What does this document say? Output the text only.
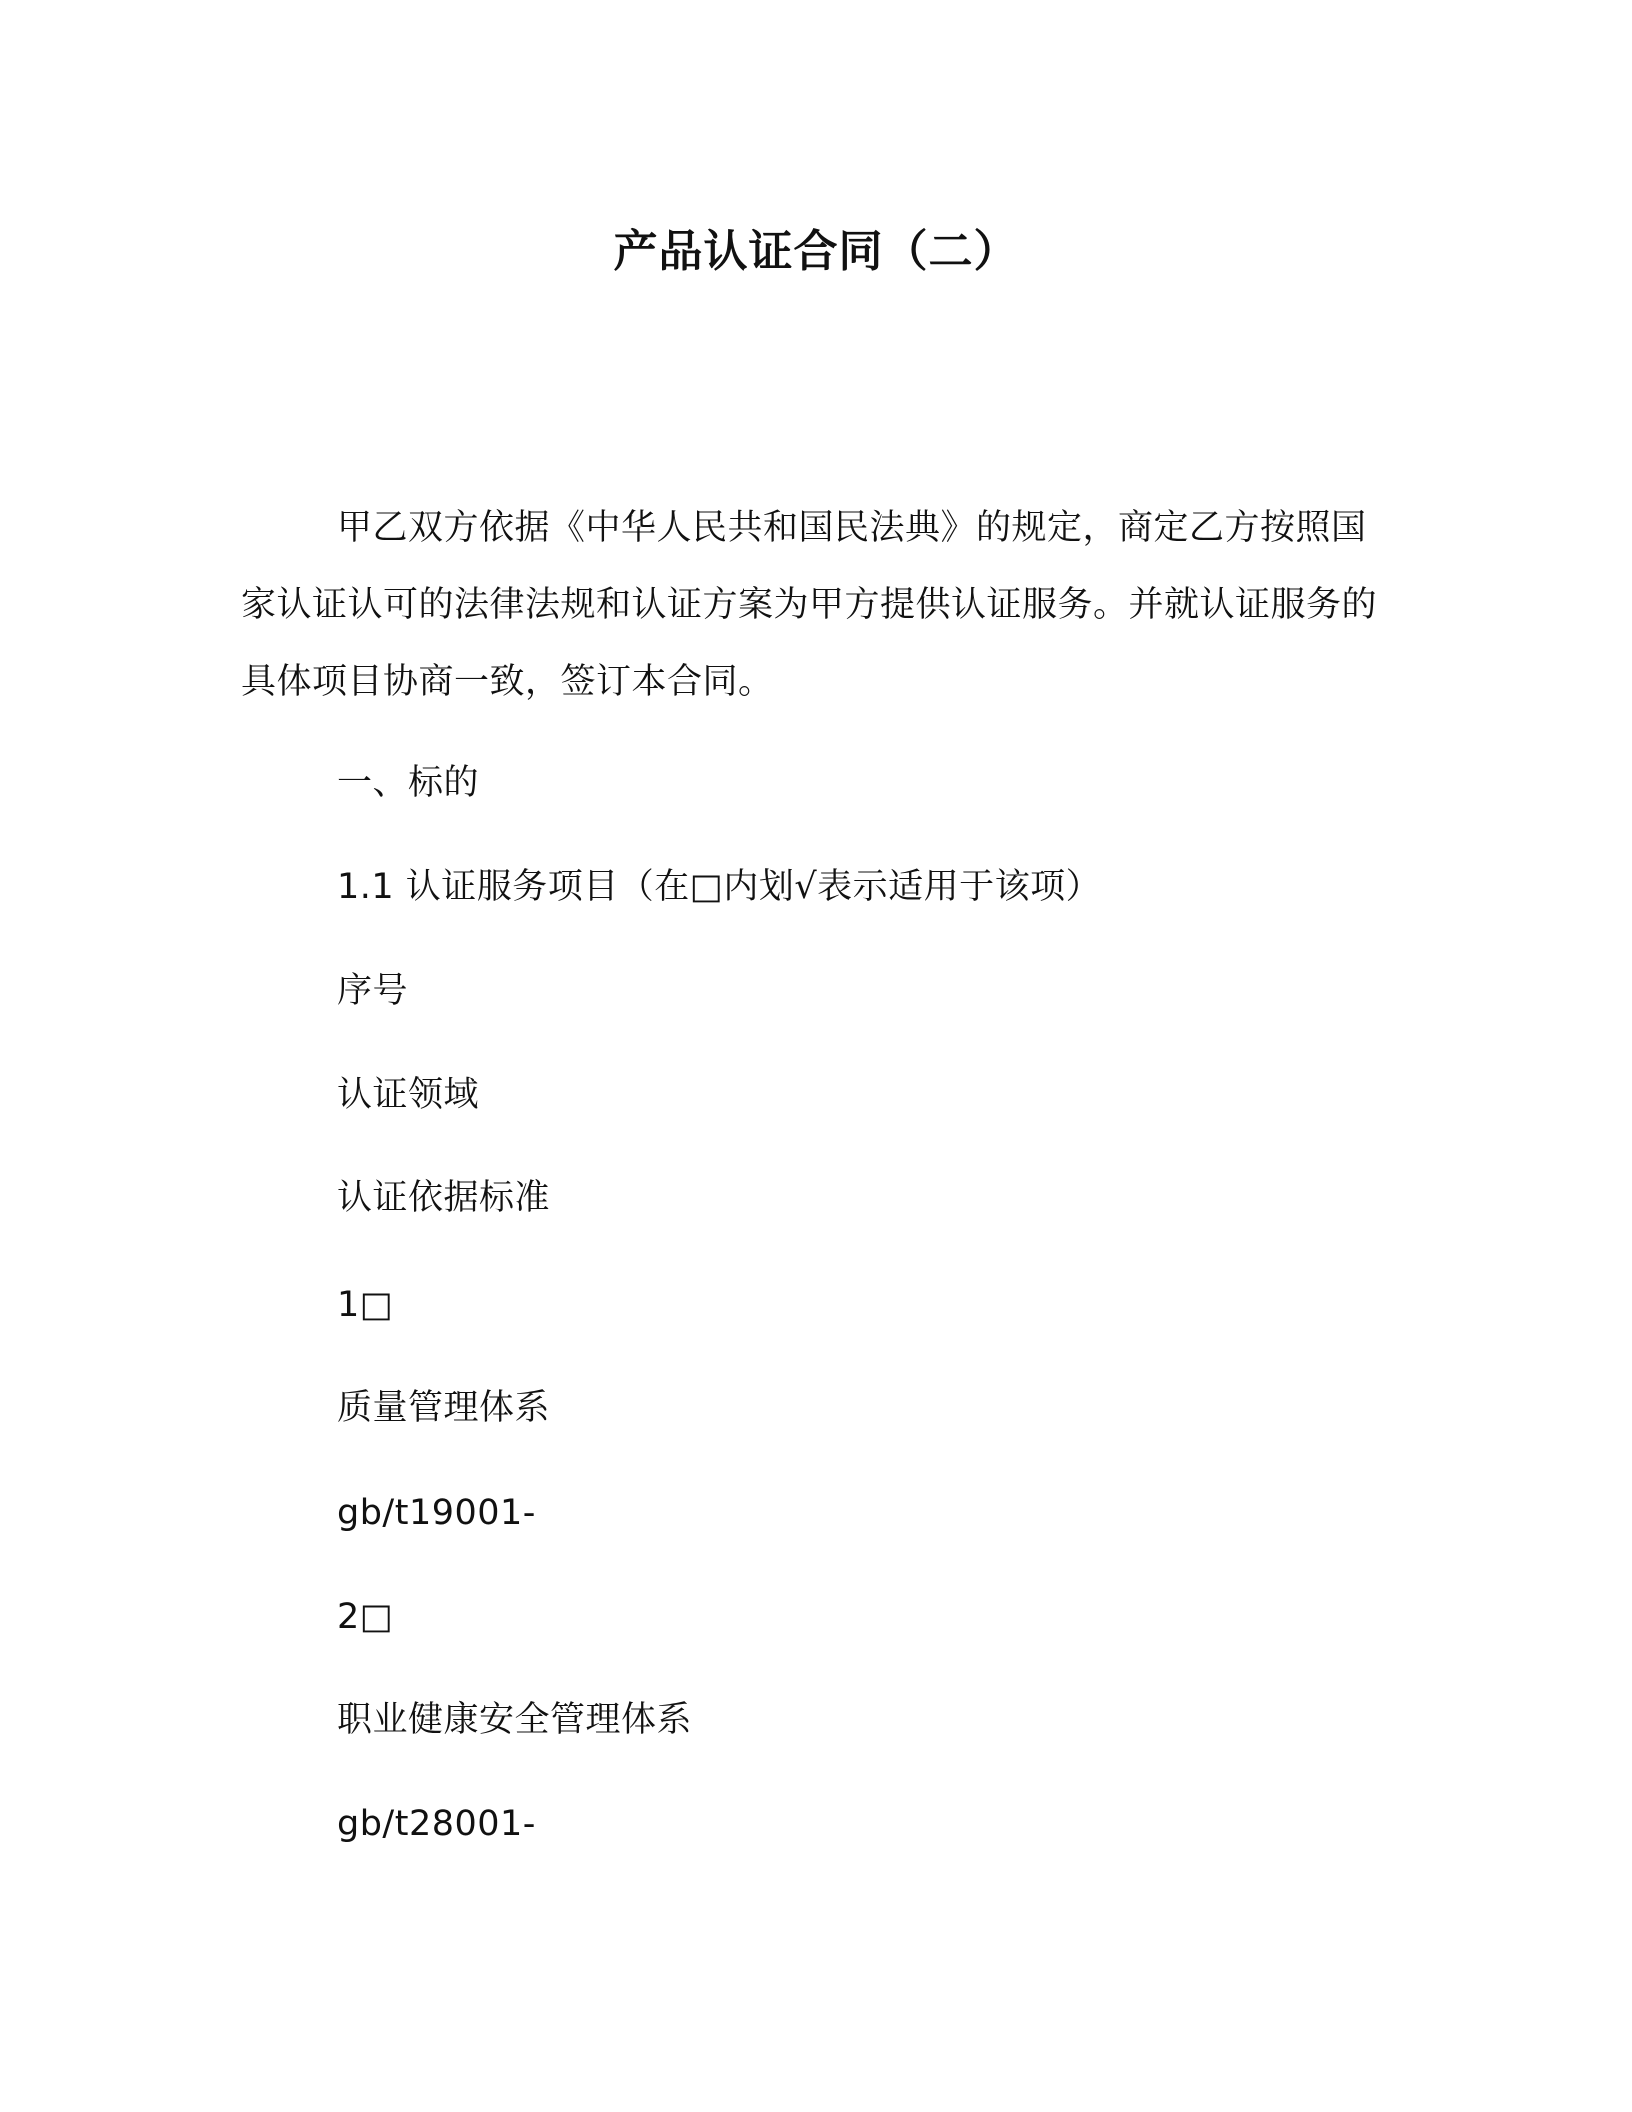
产品认证合同（二）
甲乙双方依据《中华人民共和国民法典》的规定，商定乙方按照国家认证认可的法律法规和认证方案为甲方提供认证服务。并就认证服务的具体项目协商一致，签订本合同。
一、标的
1.1 认证服务项目（在□内划√表示适用于该项）
序号
认证领域
认证依据标准
1□
质量管理体系
gb/t19001-
2□
职业健康安全管理体系
gb/t28001-
